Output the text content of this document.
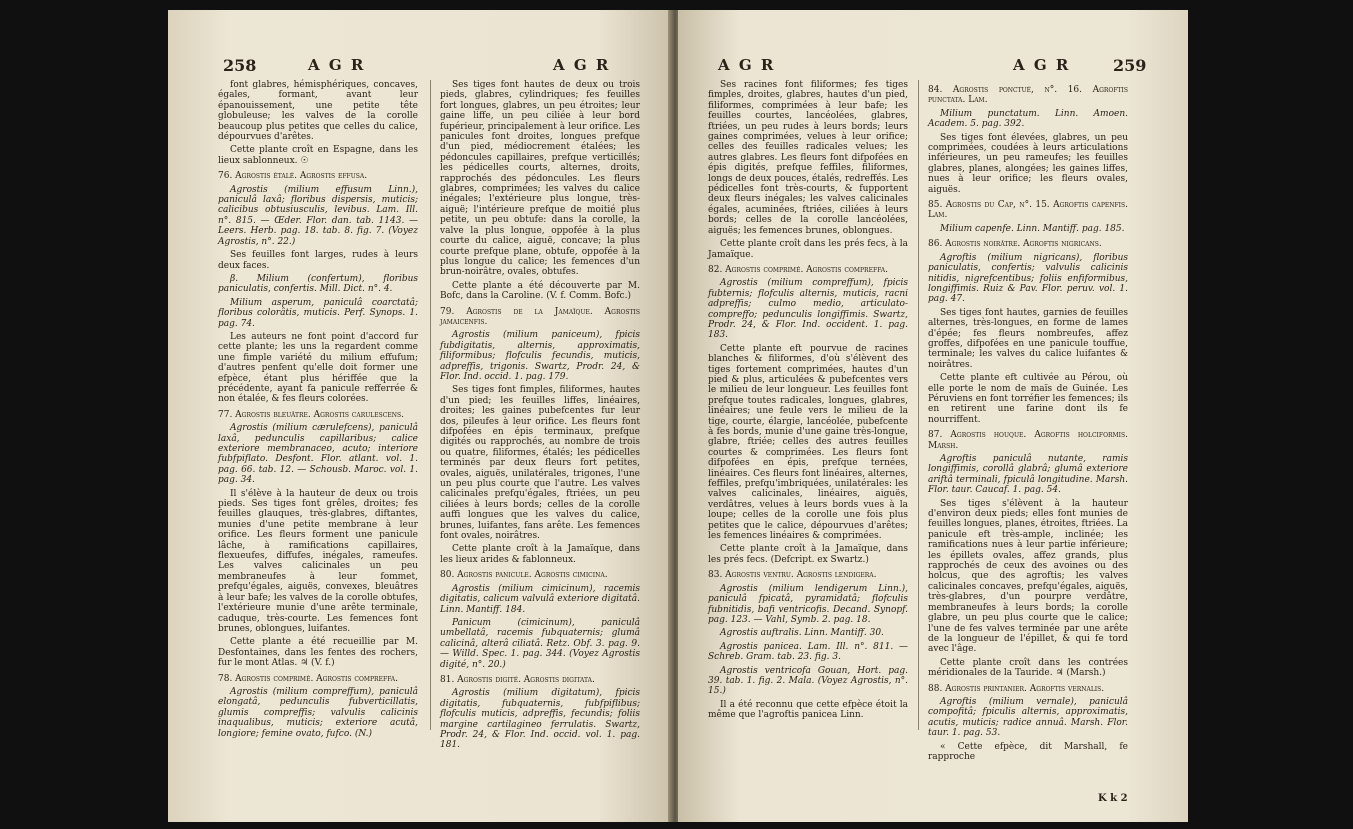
258	A G R	A G R

font glabres, hémisphériques, concaves, égales, formant, avant leur épanouissement, une petite tête globuleuse; les valves de la corolle beaucoup plus petites que celles du calice, dépourvues d'arêtes.

Cette plante croît en Espagne, dans les lieux sablonneux. ☉

76. Agrostis étalé. Agrostis effusa.

Agrostis (milium effusum Linn.), paniculâ laxâ; floribus dispersis, muticis; calicibus obtusiusculis, levibus. Lam. Ill. n°. 815. — Œder. Flor. dan. tab. 1143. — Leers. Herb. pag. 18. tab. 8. fig. 7. (Voyez Agrostis, n°. 22.)

Ses feuilles font larges, rudes à leurs deux faces.

β. Milium (confertum), floribus paniculatis, confertis. Mill. Dict. n°. 4.

Milium asperum, paniculâ coarctatâ; floribus colorâtis, muticis. Perf. Synops. 1. pag. 74.

Les auteurs ne font point d'accord fur cette plante; les uns la regardent comme une fimple variété du milium effufum; d'autres penfent qu'elle doit former une efpèce, étant plus hériffée que la précédente, ayant fa panicule refferrée & non étalée, & fes fleurs colorées.

77. Agrostis bleuâtre. Agrostis carulescens.

Agrostis (milium cærulefcens), paniculâ laxâ, pedunculis capillaribus; calice exteriore membranaceo, acuto; interiore fubfpiflato. Desfont. Flor. atlant. vol. 1. pag. 66. tab. 12. — Schousb. Maroc. vol. 1. pag. 34.

Il s'élève à la hauteur de deux ou trois pieds. Ses tiges font grêles, droites; fes feuilles glauques, très-glabres, diftantes, munies d'une petite membrane à leur orifice. Les fleurs forment une panicule lâche, à ramifications capillaires, flexueufes, diffufes, inégales, rameufes. Les valves calicinales un peu membraneufes à leur fommet, prefqu'égales, aiguës, convexes, bleuâtres à leur bafe; les valves de la corolle obtufes, l'extérieure munie d'une arête terminale, caduque, très-courte. Les femences font brunes, oblongues, luifantes.

Cette plante a été recueillie par M. Desfontaines, dans les fentes des rochers, fur le mont Atlas. ♃ (V. f.)

78. Agrostis comprimé. Agrostis compreffa.

Agrostis (milium compreffum), paniculâ elongatâ, pedunculis fubverticillatis, glumis compreffis; valvulis calicinis inaqualibus, muticis; exteriore acutâ, longiore; femine ovato, fufco. (N.)

Ses tiges font hautes de deux ou trois pieds, glabres, cylindriques; fes feuilles fort longues, glabres, un peu étroites; leur gaine liffe, un peu ciliée à leur bord fupérieur, principalement à leur orifice. Les panicules font droites, longues prefque d'un pied, médiocrement étalées; les pédoncules capillaires, prefque verticillés; les pédicelles courts, alternes, droits, rapprochés des pédoncules. Les fleurs glabres, comprimées; les valves du calice inégales; l'extérieure plus longue, très-aiguë; l'intérieure prefque de moitié plus petite, un peu obtufe: dans la corolle, la valve la plus longue, oppofée à la plus courte du calice, aiguë, concave; la plus courte prefque plane, obtufe, oppofée à la plus longue du calice; les femences d'un brun-noirâtre, ovales, obtufes.

Cette plante a été découverte par M. Bofc, dans la Caroline. (V. f. Comm. Bofc.)

79. Agrostis de la Jamaïque. Agrostis jamaicenfis.

Agrostis (milium paniceum), fpicis fubdigitatis, alternis, approximatis, filiformibus; flofculis fecundis, muticis, adpreffis, trigonis. Swartz, Prodr. 24, & Flor. Ind. occid. 1. pag. 179.

Ses tiges font fimples, filiformes, hautes d'un pied; les feuilles liffes, linéaires, droites; les gaines pubefcentes fur leur dos, pileufes à leur orifice. Les fleurs font difpofées en épis terminaux, prefque digités ou rapprochés, au nombre de trois ou quatre, filiformes, étalés; les pédicelles terminés par deux fleurs fort petites, ovales, aiguës, unilatérales, trigones, l'une un peu plus courte que l'autre. Les valves calicinales prefqu'égales, ftriées, un peu ciliées à leurs bords; celles de la corolle auffi longues que les valves du calice, brunes, luifantes, fans arête. Les femences font ovales, noirâtres.

Cette plante croît à la Jamaïque, dans les lieux arides & fablonneux.

80. Agrostis panicule. Agrostis cimicina.

Agrostis (milium cimicinum), racemis digitatis, calicum valvulâ exteriore digitatâ. Linn. Mantiff. 184.

Panicum (cimicinum), paniculâ umbellatâ, racemis fubquaternis; glumâ calicinâ, alterâ ciliatâ. Retz. Obf. 3. pag. 9. — Willd. Spec. 1. pag. 344. (Voyez Agrostis digité, n°. 20.)

81. Agrostis digité. Agrostis digitata.

Agrostis (milium digitatum), fpicis digitatis, fubquaternis, fubfpiflibus; flofculis muticis, adpreffis, fecundis; foliis margine cartilagineo ferrulatis. Swartz, Prodr. 24, & Flor. Ind. occid. vol. 1. pag. 181.

A G R	A G R	259

Ses racines font filiformes; fes tiges fimples, droites, glabres, hautes d'un pied, filiformes, comprimées à leur bafe; les feuilles courtes, lancéolées, glabres, ftriées, un peu rudes à leurs bords; leurs gaines comprimées, velues à leur orifice; celles des feuilles radicales velues; les autres glabres. Les fleurs font difpofées en épis digités, prefque feffiles, filiformes, longs de deux pouces, étalés, redreffés. Les pédicelles font très-courts, & fupportent deux fleurs inégales; les valves calicinales égales, acuminées, ftriées, ciliées à leurs bords; celles de la corolle lancéolées, aiguës; les femences brunes, oblongues.

Cette plante croît dans les prés fecs, à la Jamaïque.

82. Agrostis comprimé. Agrostis compreffa.

Agrostis (milium compreffum), fpicis fubternis; flofculis alternis, muticis, racni adpreffis; culmo medio, articulato-compreffo; pedunculis longiffimis. Swartz, Prodr. 24, & Flor. Ind. occident. 1. pag. 183.

Cette plante eft pourvue de racines blanches & filiformes, d'où s'élèvent des tiges fortement comprimées, hautes d'un pied & plus, articulées & pubefcentes vers le milieu de leur longueur. Les feuilles font prefque toutes radicales, longues, glabres, linéaires; une feule vers le milieu de la tige, courte, élargie, lancéolée, pubefcente à fes bords, munie d'une gaine très-longue, glabre, ftriée; celles des autres feuilles courtes & comprimées. Les fleurs font difpofées en épis, prefque ternées, linéaires. Ces fleurs font linéaires, alternes, feffiles, prefqu'imbriquées, unilatérales: les valves calicinales, linéaires, aiguës, verdâtres, velues à leurs bords vues à la loupe; celles de la corolle une fois plus petites que le calice, dépourvues d'arêtes; les femences linéaires & comprimées.

Cette plante croît à la Jamaïque, dans les prés fecs. (Defcript. ex Swartz.)

83. Agrostis ventru. Agrostis lendigera.

Agrostis (milium lendigerum Linn.), paniculâ fpicatâ, pyramidatâ; flofculis fubnitidis, bafi ventricofis. Decand. Synopf. pag. 123. — Vahl, Symb. 2. pag. 18.

Agrostis auftralis. Linn. Mantiff. 30.

Agrostis panicea. Lam. Ill. n°. 811. — Schreb. Gram. tab. 23. fig. 3.

Agrostis ventricofa Gouan, Hort. pag. 39. tab. 1. fig. 2. Mala. (Voyez Agrostis, n°. 15.)

Il a été reconnu que cette efpèce étoit la même que l'agroftis panicea Linn.

84. Agrostis ponctué, n°. 16. Agroftis punctata. Lam.

Milium punctatum. Linn. Amoen. Academ. 5. pag. 392.

Ses tiges font élevées, glabres, un peu comprimées, coudées à leurs articulations inférieures, un peu rameufes; les feuilles glabres, planes, alongées; les gaines liffes, nues à leur orifice; les fleurs ovales, aiguës.

85. Agrostis du Cap, n°. 15. Agroftis capenfis. Lam.

Milium capenfe. Linn. Mantiff. pag. 185.

86. Agrostis noirâtre. Agroftis nigricans.

Agroftis (milium nigricans), floribus paniculatis, confertis; valvulis calicinis nitidis, nigrefcentibus; foliis enfiformibus, longiffimis. Ruiz & Pav. Flor. peruv. vol. 1. pag. 47.

Ses tiges font hautes, garnies de feuilles alternes, très-longues, en forme de lames d'épée; fes fleurs nombreufes, affez groffes, difpofées en une panicule touffue, terminale; les valves du calice luifantes & noirâtres.

Cette plante eft cultivée au Pérou, où elle porte le nom de maïs de Guinée. Les Péruviens en font torréfier les femences; ils en retirent une farine dont ils fe nourriffent.

87. Agrostis houque. Agroftis holciformis. Marsh.

Agroftis paniculâ nutante, ramis longiffimis, corollâ glabrâ; glumâ exteriore ariftâ terminali, fpiculâ longitudine. Marsh. Flor. taur. Caucaf. 1. pag. 54.

Ses tiges s'élèvent à la hauteur d'environ deux pieds; elles font munies de feuilles longues, planes, étroites, ftriées. La panicule eft très-ample, inclinée; les ramifications nues à leur partie inférieure; les épillets ovales, affez grands, plus rapprochés de ceux des avoines ou des holcus, que des agroftis; les valves calicinales concaves, prefqu'égales, aiguës, très-glabres, d'un pourpre verdâtre, membraneufes à leurs bords; la corolle glabre, un peu plus courte que le calice; l'une de fes valves terminée par une arête de la longueur de l'épillet, & qui fe tord avec l'âge.

Cette plante croît dans les contrées méridionales de la Tauride. ♃ (Marsh.)

88. Agrostis printanier. Agroftis vernalis.

Agroftis (milium vernale), paniculâ compofitâ; fpiculis alternis, approximatis, acutis, muticis; radice annuâ. Marsh. Flor. taur. 1. pag. 53.

« Cette efpèce, dit Marshall, fe rapproche

K k 2
